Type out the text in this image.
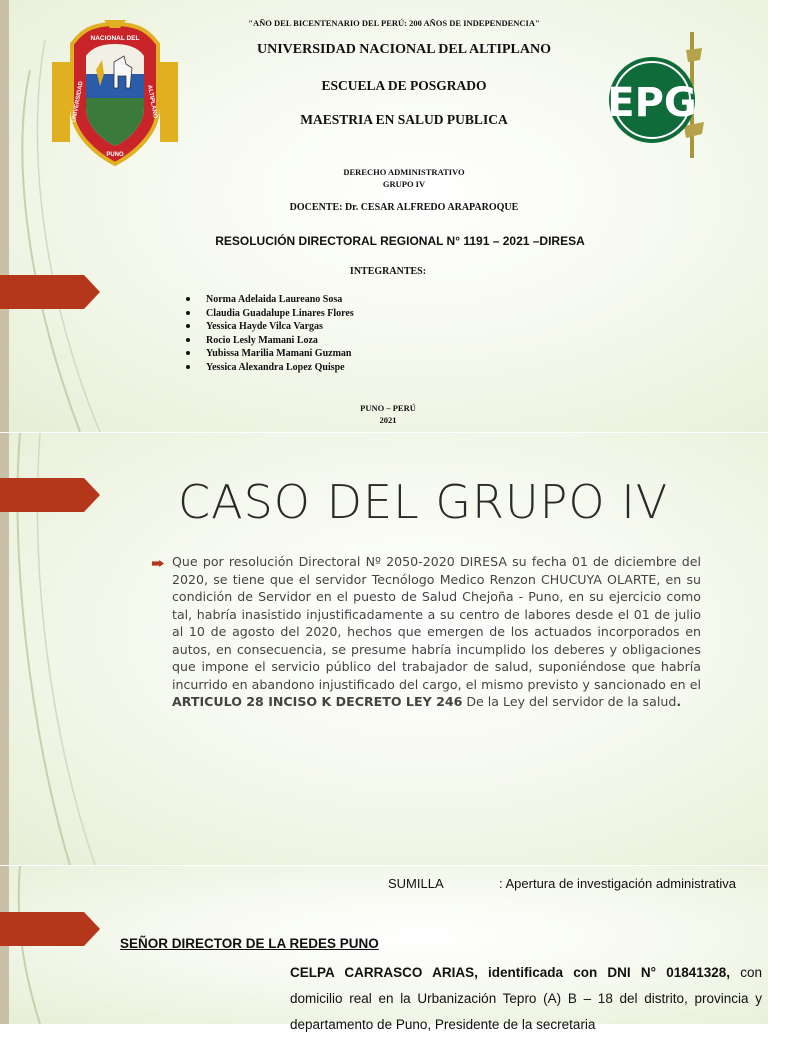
NACIONAL DEL
UNIVERSIDAD	ALTIPLANO
PUNO
EPG
"AÑO DEL BICENTENARIO DEL PERÚ: 200 AÑOS DE INDEPENDENCIA"
UNIVERSIDAD NACIONAL DEL ALTIPLANO
ESCUELA DE POSGRADO
MAESTRIA EN SALUD PUBLICA
DERECHO ADMINISTRATIVO
GRUPO IV
DOCENTE: Dr. CESAR ALFREDO ARAPAROQUE
RESOLUCIÓN DIRECTORAL REGIONAL N° 1191 – 2021 –DIRESA
INTEGRANTES:
Norma Adelaida Laureano Sosa
Claudia Guadalupe Linares Flores
Yessica Hayde Vilca Vargas
Rocio Lesly Mamani Loza
Yubissa Marilia Mamani Guzman
Yessica Alexandra Lopez Quispe
PUNO – PERÚ
2021
CASO DEL GRUPO IV

Que por resolución Directoral Nº 2050-2020 DIRESA su fecha 01 de diciembre del 2020, se tiene que el servidor Tecnólogo Medico Renzon CHUCUYA OLARTE, en su condición de Servidor en el puesto de Salud Chejoña - Puno, en su ejercicio como tal, habría inasistido injustificadamente a su centro de labores desde el 01 de julio al 10 de agosto del 2020, hechos que emergen de los actuados incorporados en autos, en consecuencia, se presume habría incumplido los deberes y obligaciones que impone el servicio público del trabajador de salud, suponiéndose que habría incurrido en abandono injustificado del cargo, el mismo previsto y sancionado en el ARTICULO 28 INCISO K DECRETO LEY 246 De la Ley del servidor de la salud.

SUMILLA	: Apertura de investigación administrativa
SEÑOR DIRECTOR DE LA REDES PUNO

CELPA CARRASCO ARIAS, identificada con DNI N° 01841328, con domicilio real en la Urbanización Tepro (A) B – 18 del distrito, provincia y departamento de Puno, Presidente de la secretaria
